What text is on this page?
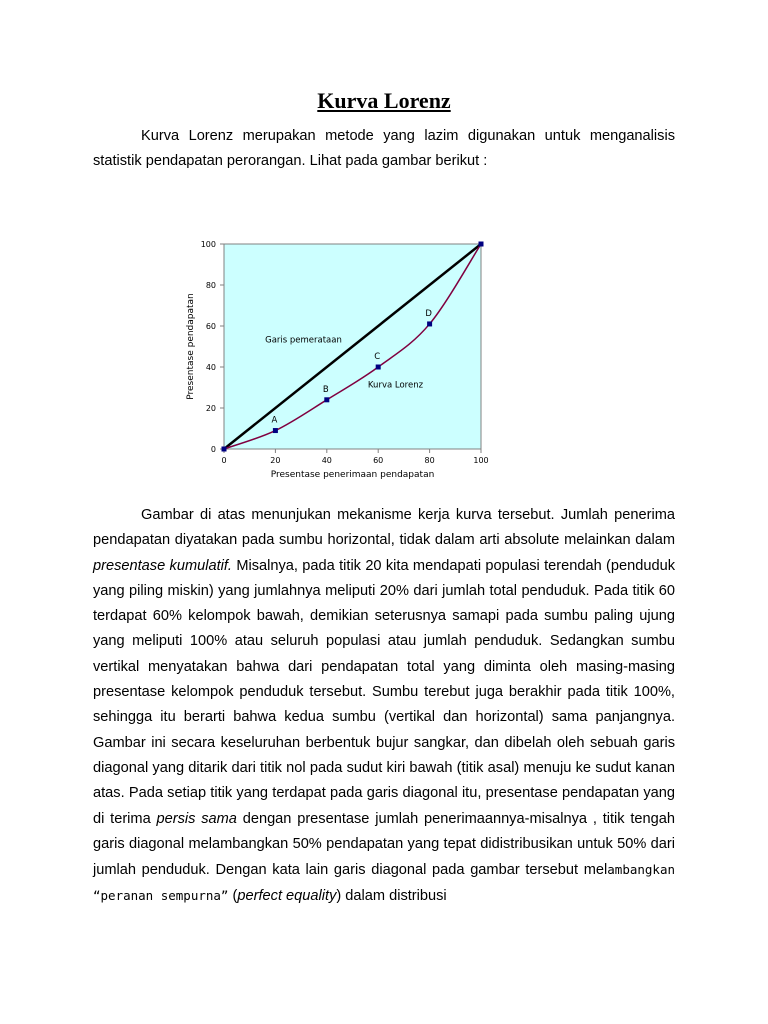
Kurva Lorenz

Kurva Lorenz merupakan metode yang lazim digunakan untuk menganalisis statistik pendapatan perorangan. Lihat pada gambar berikut :

0
20
40
60
80
100
0	20	40	60	80	100
A
B
C
D
Garis pemerataan
Kurva Lorenz
Presentase penerimaan pendapatan
Presentase pendapatan

Gambar di atas menunjukan mekanisme kerja kurva tersebut. Jumlah penerima pendapatan diyatakan pada sumbu horizontal, tidak dalam arti absolute melainkan dalam presentase kumulatif. Misalnya, pada titik 20 kita mendapati populasi terendah (penduduk yang piling miskin) yang jumlahnya meliputi 20% dari jumlah total penduduk. Pada titik 60 terdapat 60% kelompok bawah, demikian seterusnya samapi pada sumbu paling ujung yang meliputi 100% atau seluruh populasi atau jumlah penduduk. Sedangkan sumbu vertikal menyatakan bahwa dari pendapatan total yang diminta oleh masing-masing presentase kelompok penduduk tersebut. Sumbu terebut juga berakhir pada titik 100%, sehingga itu berarti bahwa kedua sumbu (vertikal dan horizontal) sama panjangnya. Gambar ini secara keseluruhan berbentuk bujur sangkar, dan dibelah oleh sebuah garis diagonal yang ditarik dari titik nol pada sudut kiri bawah (titik asal) menuju ke sudut kanan atas. Pada setiap titik yang terdapat pada garis diagonal itu, presentase pendapatan yang di terima persis sama dengan presentase jumlah penerimaannya-misalnya , titik tengah garis diagonal melambangkan 50% pendapatan yang tepat didistribusikan untuk 50% dari jumlah penduduk. Dengan kata lain garis diagonal pada gambar tersebut melambangkan “peranan sempurna” (perfect equality) dalam distribusi
